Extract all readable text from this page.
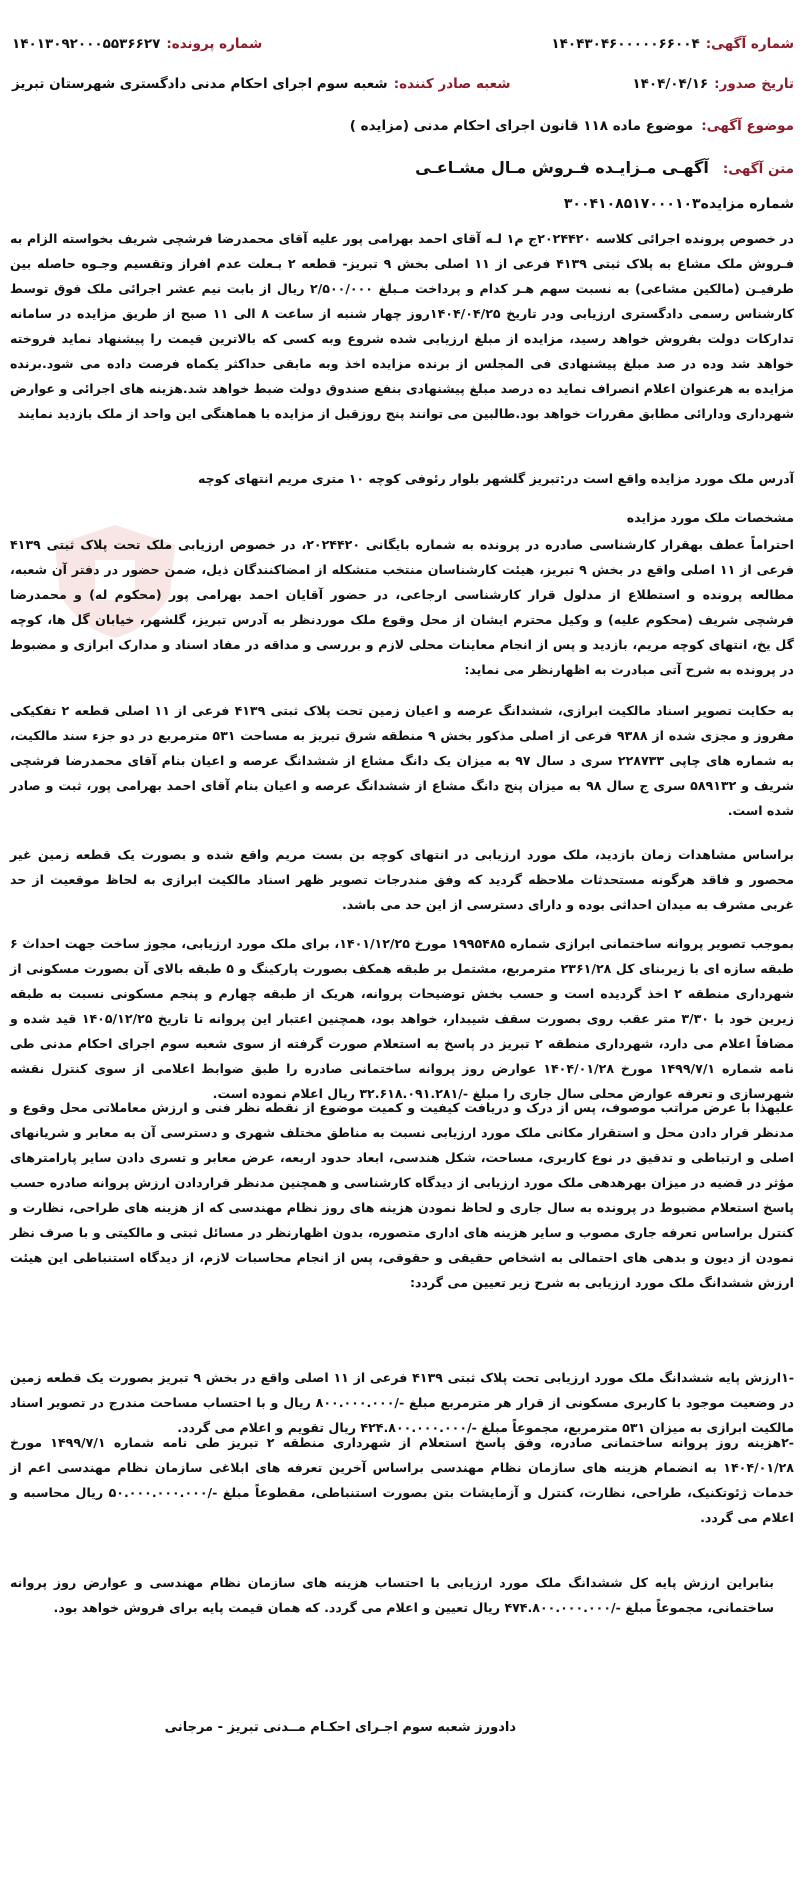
شماره آگهی:
۱۴۰۴۳۰۴۶۰۰۰۰۰۶۶۰۰۴
شماره پرونده:
۱۴۰۱۳۰۹۲۰۰۰۵۵۳۶۶۲۷
تاریخ صدور:
۱۴۰۴/۰۴/۱۶
شعبه صادر کننده:
شعبه سوم اجرای احکام مدنی دادگستری شهرستان تبریز
موضوع آگهی:
موضوع ماده ۱۱۸ قانون اجرای احکام مدنی (مزایده )
متن آگهی:
آگهـی مـزایـده فـروش مـال مشـاعـی
شماره مزایده۳۰۰۴۱۰۸۵۱۷۰۰۰۱۰۳

در خصوص پرونده اجرائی کلاسه ۲۰۲۴۴۲۰ج م۱ لـه آقای احمد بهرامی پور علیه آقای محمدرضا فرشچی شریف بخواسته الزام به فـروش ملک مشاع به پلاک ثبتی ۴۱۳۹ فرعی از ۱۱ اصلی بخش ۹ تبریز- قطعه ۲ بـعلت عدم افراز وتقسیم وجـوه حاصله بین طرفیـن (مالکین مشاعی) به نسبت سهم هـر کدام و پرداخت مـبلغ ۲/۵۰۰/۰۰۰ ریال از بابت نیم عشر اجرائی ملک فوق توسط کارشناس رسمی دادگستری ارزیابی ودر تاریخ ۱۴۰۴/۰۴/۲۵روز چهار شنبه از ساعت ۸ الی ۱۱ صبح از طریق مزایده در سامانه تدارکات دولت بفروش خواهد رسید، مزایده از مبلغ ارزیابی شده شروع وبه کسی که بالاترین قیمت را پیشنهاد نماید فروخته خواهد شد وده در صد مبلغ پیشنهادی فی المجلس از برنده مزایده اخذ وبه مابقی حداکثر یکماه فرصت داده می شود.برنده مزایده به هرعنوان اعلام انصراف نماید ده درصد مبلغ پیشنهادی بنفع صندوق دولت ضبط خواهد شد.هزینه های اجرائی و عوارض شهرداری ودارائی مطابق مقررات خواهد بود.طالبین می توانند پنج روزقبل از مزایده با هماهنگی این واحد از ملک بازدید نمایند

آدرس ملک مورد مزایده واقع است در:تبریز گلشهر بلوار رئوفی کوچه ۱۰ متری مریم انتهای کوچه

مشخصات ملک مورد مزایده

احتراماً عطف بهقرار کارشناسی صادره در پرونده به شماره بایگانی ۲۰۲۴۴۲۰، در خصوص ارزیابی ملک تحت پلاک ثبتی ۴۱۳۹ فرعی از ۱۱ اصلی واقع در بخش ۹ تبریز، هیئت کارشناسان منتخب متشکله از امضاکنندگان ذیل، ضمن حضور در دفتر آن شعبه، مطالعه پرونده و استطلاع از مدلول قرار کارشناسی ارجاعی، در حضور آقایان احمد بهرامی پور (محکوم له) و محمدرضا فرشچی شریف (محکوم علیه) و وکیل محترم ایشان از محل وقوع ملک موردنظر به آدرس تبریز، گلشهر، خیابان گل ها، کوچه گل یخ، انتهای کوچه مریم، بازدید و پس از انجام معاینات محلی لازم و بررسی و مداقه در مفاد اسناد و مدارک ابرازی و مضبوط در پرونده به شرح آتی مبادرت به اظهارنظر می نماید:

به حکایت تصویر اسناد مالکیت ابرازی، ششدانگ عرصه و اعیان زمین تحت پلاک ثبتی ۴۱۳۹ فرعی از ۱۱ اصلی قطعه ۲ تفکیکی مفروز و مجزی شده از ۹۳۸۸ فرعی از اصلی مذکور بخش ۹ منطقه شرق تبریز به مساحت ۵۳۱ مترمربع در دو جزء سند مالکیت، به شماره های چاپی ۲۲۸۷۳۳ سری د سال ۹۷ به میزان یک دانگ مشاع از ششدانگ عرصه و اعیان بنام آقای محمدرضا فرشچی شریف و ۵۸۹۱۳۲ سری ج سال ۹۸ به میزان پنج دانگ مشاع از ششدانگ عرصه و اعیان بنام آقای احمد بهرامی پور، ثبت و صادر شده است.

براساس مشاهدات زمان بازدید، ملک مورد ارزیابی در انتهای کوچه بن بست مریم واقع شده و بصورت یک قطعه زمین غیر محصور و فاقد هرگونه مستحدثات ملاحظه گردید که وفق مندرجات تصویر ظهر اسناد مالکیت ابرازی به لحاظ موقعیت از حد غربی مشرف به میدان احداثی بوده و دارای دسترسی از این حد می باشد.

بموجب تصویر پروانه ساختمانی ابرازی شماره ۱۹۹۵۴۸۵ مورخ ۱۴۰۱/۱۲/۲۵، برای ملک مورد ارزیابی، مجوز ساخت جهت احداث ۶ طبقه سازه ای با زیربنای کل ۲۳۶۱/۲۸ مترمربع، مشتمل بر طبقه همکف بصورت پارکینگ و ۵ طبقه بالای آن بصورت مسکونی از شهرداری منطقه ۲ اخذ گردیده است و حسب بخش توضیحات پروانه، هریک از طبقه چهارم و پنجم مسکونی نسبت به طبقه زیرین خود با ۳/۳۰ متر عقب روی بصورت سقف شیبدار، خواهد بود، همچنین اعتبار این پروانه تا تاریخ ۱۴۰۵/۱۲/۲۵ قید شده و مضافاً اعلام می دارد، شهرداری منطقه ۲ تبریز در پاسخ به استعلام صورت گرفته از سوی شعبه سوم اجرای احکام مدنی طی نامه شماره ۱۴۹۹/۷/۱ مورخ ۱۴۰۴/۰۱/۲۸ عوارض روز پروانه ساختمانی صادره را طبق ضوابط اعلامی از سوی کنترل نقشه شهرسازی و تعرفه عوارض محلی سال جاری را مبلغ -/۳۲.۶۱۸.۰۹۱.۲۸۱ ریال اعلام نموده است.

علیهذا با عرض مراتب موصوف، پس از درک و دریافت کیفیت و کمیت موضوع از نقطه نظر فنی و ارزش معاملاتی محل وقوع و مدنظر قرار دادن محل و استقرار مکانی ملک مورد ارزیابی نسبت به مناطق مختلف شهری و دسترسی آن به معابر و شریانهای اصلی و ارتباطی و تدقیق در نوع کاربری، مساحت، شکل هندسی، ابعاد حدود اربعه، عرض معابر و تسری دادن سایر پارامترهای مؤثر در قضیه در میزان بهرهدهی ملک مورد ارزیابی از دیدگاه کارشناسی و همچنین مدنظر قراردادن ارزش پروانه صادره حسب پاسخ استعلام مضبوط در پرونده به سال جاری و لحاظ نمودن هزینه های روز نظام مهندسی که از هزینه های طراحی، نظارت و کنترل براساس تعرفه جاری مصوب و سایر هزینه های اداری متصوره، بدون اظهارنظر در مسائل ثبتی و مالکیتی و با صرف نظر نمودن از دیون و بدهی های احتمالی به اشخاص حقیقی و حقوقی، پس از انجام محاسبات لازم، از دیدگاه استنباطی این هیئت ارزش ششدانگ ملک مورد ارزیابی به شرح زیر تعیین می گردد:

-۱ارزش پایه ششدانگ ملک مورد ارزیابی تحت پلاک ثبتی ۴۱۳۹ فرعی از ۱۱ اصلی واقع در بخش ۹ تبریز بصورت یک قطعه زمین در وضعیت موجود با کاربری مسکونی از قرار هر مترمربع مبلغ -/۸۰۰.۰۰۰.۰۰۰ ریال و با احتساب مساحت مندرج در تصویر اسناد مالکیت ابرازی به میزان ۵۳۱ مترمربع، مجموعاً مبلغ -/۴۲۴.۸۰۰.۰۰۰.۰۰۰ ریال تقویم و اعلام می گردد.

-۲هزینه روز پروانه ساختمانی صادره، وفق پاسخ استعلام از شهرداری منطقه ۲ تبریز طی نامه شماره ۱۴۹۹/۷/۱ مورخ ۱۴۰۴/۰۱/۲۸ به انضمام هزینه های سازمان نظام مهندسی براساس آخرین تعرفه های ابلاغی سازمان نظام مهندسی اعم از خدمات ژئوتکنیک، طراحی، نظارت، کنترل و آزمایشات بتن بصورت استنباطی، مقطوعاً مبلغ -/۵۰.۰۰۰.۰۰۰.۰۰۰ ریال محاسبه و اعلام می گردد.

بنابراین ارزش پایه کل ششدانگ ملک مورد ارزیابی با احتساب هزینه های سازمان نظام مهندسی و عوارض روز پروانه ساختمانی، مجموعاً مبلغ -/۴۷۴.۸۰۰.۰۰۰.۰۰۰ ریال تعیین و اعلام می گردد. که همان قیمت پایه برای فروش خواهد بود.

دادورز شعبه سوم اجـرای احکـام مــدنی تبریز - مرجانی
